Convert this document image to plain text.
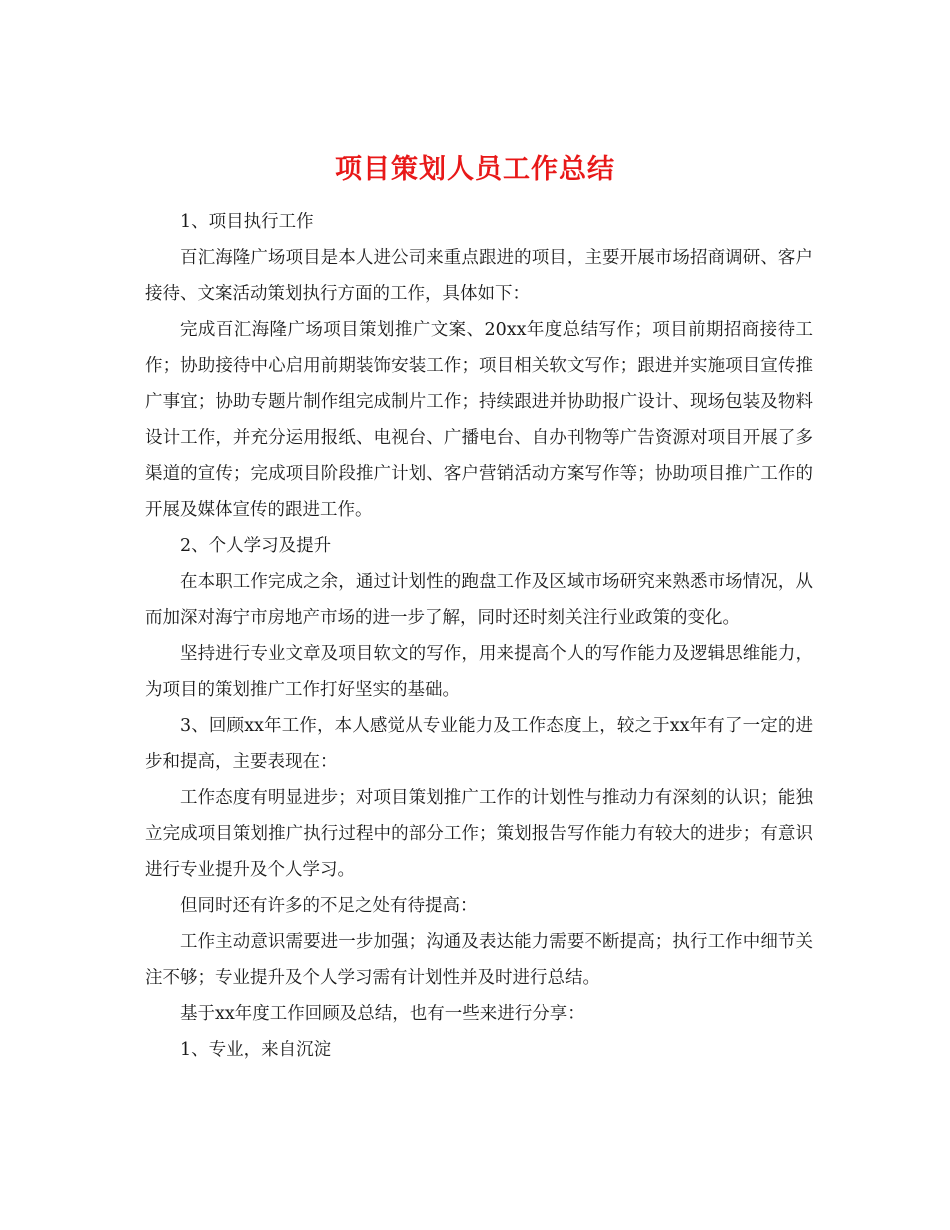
项目策划人员工作总结

1、项目执行工作

百汇海隆广场项目是本人进公司来重点跟进的项目，主要开展市场招商调研、客户接待、文案活动策划执行方面的工作，具体如下：

完成百汇海隆广场项目策划推广文案、20xx年度总结写作；项目前期招商接待工作；协助接待中心启用前期装饰安装工作；项目相关软文写作；跟进并实施项目宣传推广事宜；协助专题片制作组完成制片工作；持续跟进并协助报广设计、现场包装及物料设计工作，并充分运用报纸、电视台、广播电台、自办刊物等广告资源对项目开展了多渠道的宣传；完成项目阶段推广计划、客户营销活动方案写作等；协助项目推广工作的开展及媒体宣传的跟进工作。

2、个人学习及提升

在本职工作完成之余，通过计划性的跑盘工作及区域市场研究来熟悉市场情况，从而加深对海宁市房地产市场的进一步了解，同时还时刻关注行业政策的变化。

坚持进行专业文章及项目软文的写作，用来提高个人的写作能力及逻辑思维能力，为项目的策划推广工作打好坚实的基础。

3、回顾xx年工作，本人感觉从专业能力及工作态度上，较之于xx年有了一定的进步和提高，主要表现在：

工作态度有明显进步；对项目策划推广工作的计划性与推动力有深刻的认识；能独立完成项目策划推广执行过程中的部分工作；策划报告写作能力有较大的进步；有意识进行专业提升及个人学习。

但同时还有许多的不足之处有待提高：

工作主动意识需要进一步加强；沟通及表达能力需要不断提高；执行工作中细节关注不够；专业提升及个人学习需有计划性并及时进行总结。

基于xx年度工作回顾及总结，也有一些来进行分享：

1、专业，来自沉淀
